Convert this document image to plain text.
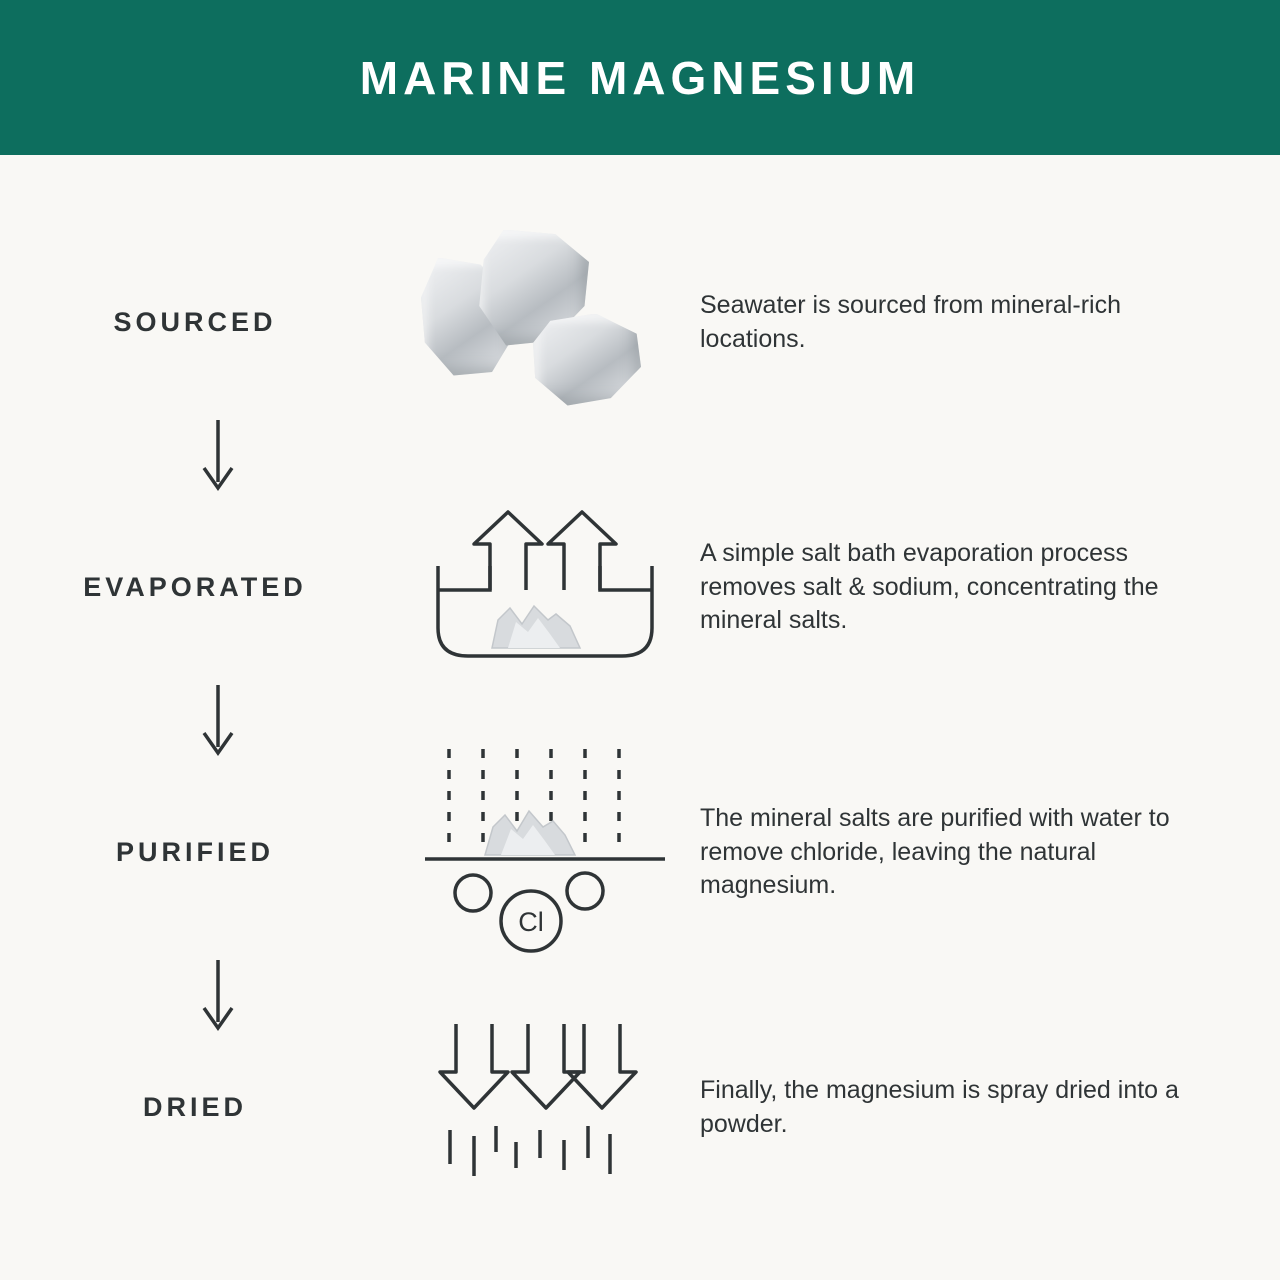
MARINE MAGNESIUM
SOURCED
Seawater is sourced from mineral-rich locations.
EVAPORATED
A simple salt bath evaporation process removes salt & sodium, concentrating the mineral salts.
PURIFIED
Cl
The mineral salts are purified with water to remove chloride, leaving the natural magnesium.
DRIED
Finally, the magnesium is spray dried into a powder.
